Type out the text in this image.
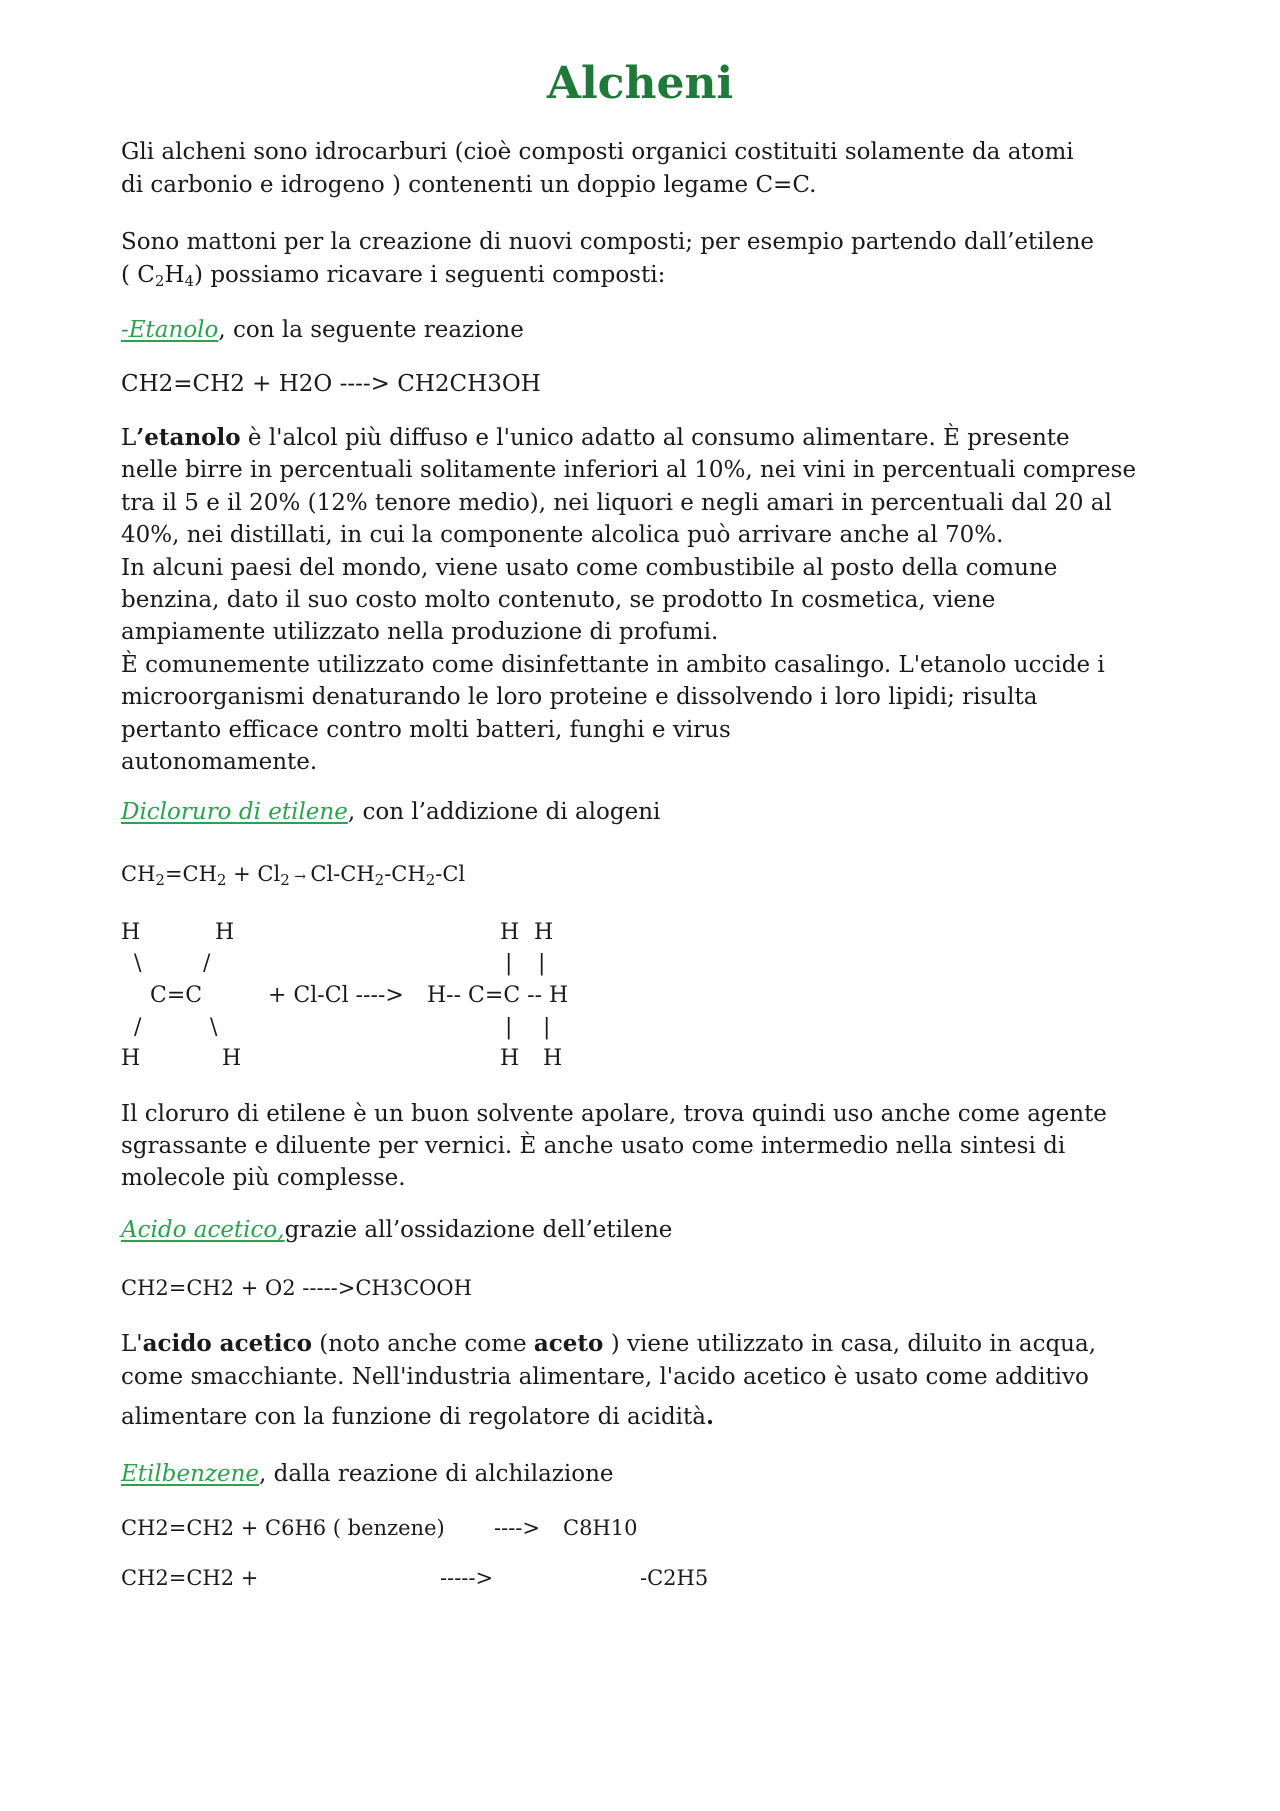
Alcheni

Gli alcheni sono idrocarburi (cioè composti organici costituiti solamente da atomi
di carbonio e idrogeno ) contenenti un doppio legame C=C.

Sono mattoni per la creazione di nuovi composti; per esempio partendo dall’etilene
( $C_2H_4$) possiamo ricavare i seguenti composti:

-Etanolo, con la seguente reazione

CH2=CH2 + H2O ----> CH2CH3OH

L’etanolo è l'alcol più diffuso e l'unico adatto al consumo alimentare. È presente
nelle birre in percentuali solitamente inferiori al 10%, nei vini in percentuali comprese
tra il 5 e il 20% (12% tenore medio), nei liquori e negli amari in percentuali dal 20 al
40%, nei distillati, in cui la componente alcolica può arrivare anche al 70%.
In alcuni paesi del mondo, viene usato come combustibile al posto della comune
benzina, dato il suo costo molto contenuto, se prodotto In cosmetica, viene
ampiamente utilizzato nella produzione di profumi.
È comunemente utilizzato come disinfettante in ambito casalingo. L'etanolo uccide i
microorganismi denaturando le loro proteine e dissolvendo i loro lipidi; risulta
pertanto efficace contro molti batteri, funghi e virus
autonomamente.

Dicloruro di etilene, con l’addizione di alogeni

$CH_2=CH_2 + Cl_2 \to Cl-CH_2-CH_2-Cl$

H	H
\	/
C=C
/	\
H	H
+ Cl-Cl ---->
H H
| |
H-- C=C -- H
| |
H H

Il cloruro di etilene è un buon solvente apolare, trova quindi uso anche come agente
sgrassante e diluente per vernici. È anche usato come intermedio nella sintesi di
molecole più complesse.

Acido acetico,grazie all’ossidazione dell’etilene

CH2=CH2 + O2 ----->CH3COOH

L'acido acetico (noto anche come aceto ) viene utilizzato in casa, diluito in acqua,
come smacchiante. Nell'industria alimentare, l'acido acetico è usato come additivo
alimentare con la funzione di regolatore di acidità.

Etilbenzene, dalla reazione di alchilazione

CH2=CH2 + C6H6 ( benzene) ----> C8H10
CH2=CH2 +	----->	-C2H5
